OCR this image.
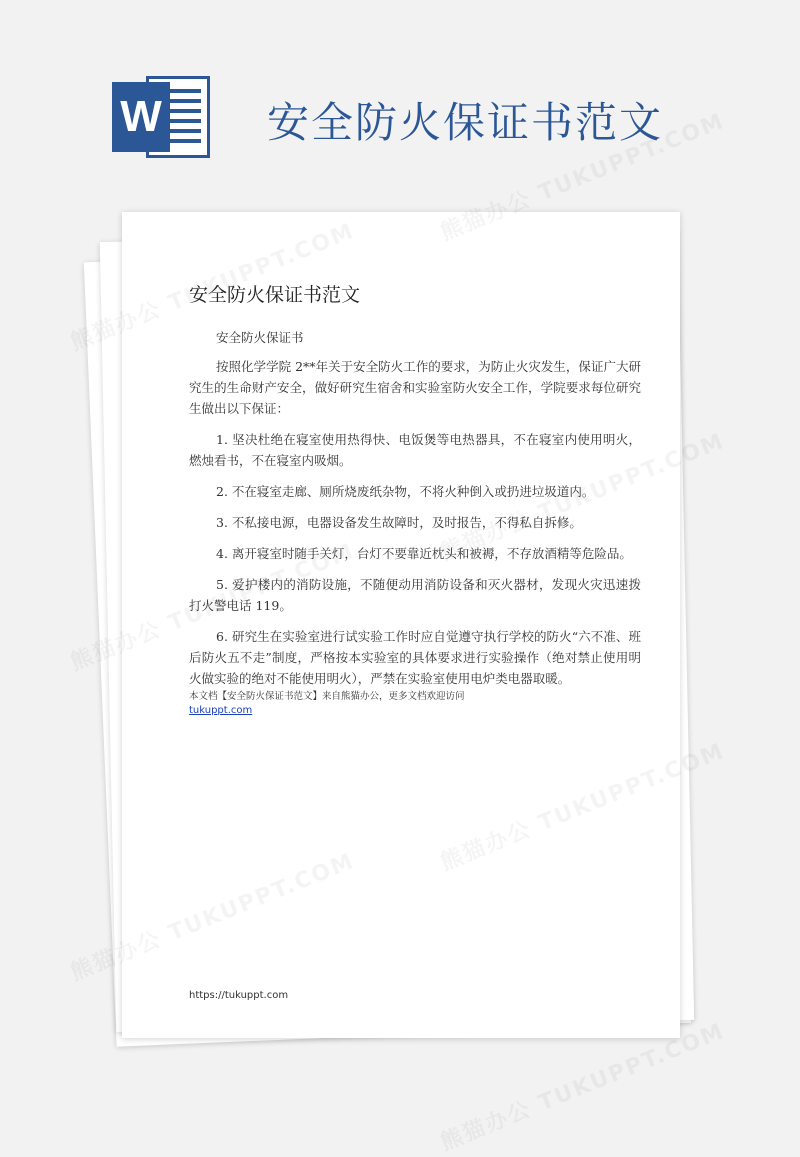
W	安全防火保证书范文
安全防火保证书范文

安全防火保证书

按照化学学院 2**年关于安全防火工作的要求，为防止火灾发生，保证广大研究生的生命财产安全，做好研究生宿舍和实验室防火安全工作，学院要求每位研究生做出以下保证：

1. 坚决杜绝在寝室使用热得快、电饭煲等电热器具，不在寝室内使用明火，燃烛看书，不在寝室内吸烟。

2. 不在寝室走廊、厕所烧废纸杂物，不将火种倒入或扔进垃圾道内。

3. 不私接电源，电器设备发生故障时，及时报告，不得私自拆修。

4. 离开寝室时随手关灯，台灯不要靠近枕头和被褥，不存放酒精等危险品。

5. 爱护楼内的消防设施，不随便动用消防设备和灭火器材，发现火灾迅速拨打火警电话 119。

6. 研究生在实验室进行试实验工作时应自觉遵守执行学校的防火“六不准、班后防火五不走”制度，严格按本实验室的具体要求进行实验操作（绝对禁止使用明火做实验的绝对不能使用明火），严禁在实验室使用电炉类电器取暖。

本文档【安全防火保证书范文】来自熊猫办公，更多文档欢迎访问
tukuppt.com
https://tukuppt.com
